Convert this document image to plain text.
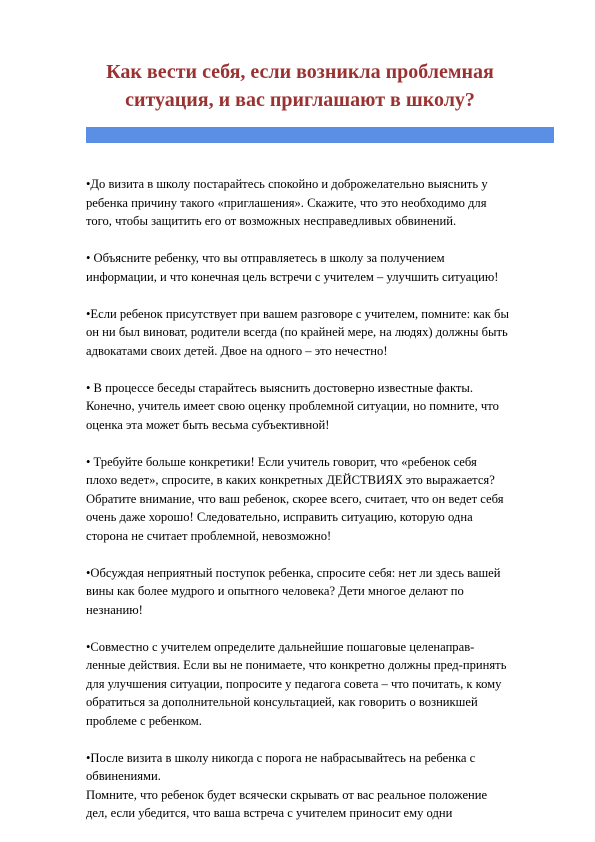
Как вести себя, если возникла проблемная
ситуация, и вас приглашают в школу?

•До визита в школу постарайтесь спокойно и доброжелательно выяснить у
ребенка причину такого «приглашения». Скажите, что это необходимо для
того, чтобы защитить его от возможных несправедливых обвинений.

• Объясните ребенку, что вы отправляетесь в школу за получением
информации, и что конечная цель встречи с учителем – улучшить ситуацию!

•Если ребенок присутствует при вашем разговоре с учителем, помните: как бы
он ни был виноват, родители всегда (по крайней мере, на людях) должны быть
адвокатами своих детей. Двое на одного – это нечестно!

• В процессе беседы старайтесь выяснить достоверно известные факты.
Конечно, учитель имеет свою оценку проблемной ситуации, но помните, что
оценка эта может быть весьма субъективной!

• Требуйте больше конкретики! Если учитель говорит, что «ребенок себя
плохо ведет», спросите, в каких конкретных ДЕЙСТВИЯХ это выражается?
Обратите внимание, что ваш ребенок, скорее всего, считает, что он ведет себя
очень даже хорошо! Следовательно, исправить ситуацию, которую одна
сторона не считает проблемной, невозможно!

•Обсуждая неприятный поступок ребенка, спросите себя: нет ли здесь вашей
вины как более мудрого и опытного человека? Дети многое делают по
незнанию!

•Совместно с учителем определите дальнейшие пошаговые целенаправ-
ленные действия. Если вы не понимаете, что конкретно должны пред-принять
для улучшения ситуации, попросите у педагога совета – что почитать, к кому
обратиться за дополнительной консультацией, как говорить о возникшей
проблеме с ребенком.

•После визита в школу никогда с порога не набрасывайтесь на ребенка с
обвинениями.
Помните, что ребенок будет всячески скрывать от вас реальное положение
дел, если убедится, что ваша встреча с учителем приносит ему одни
